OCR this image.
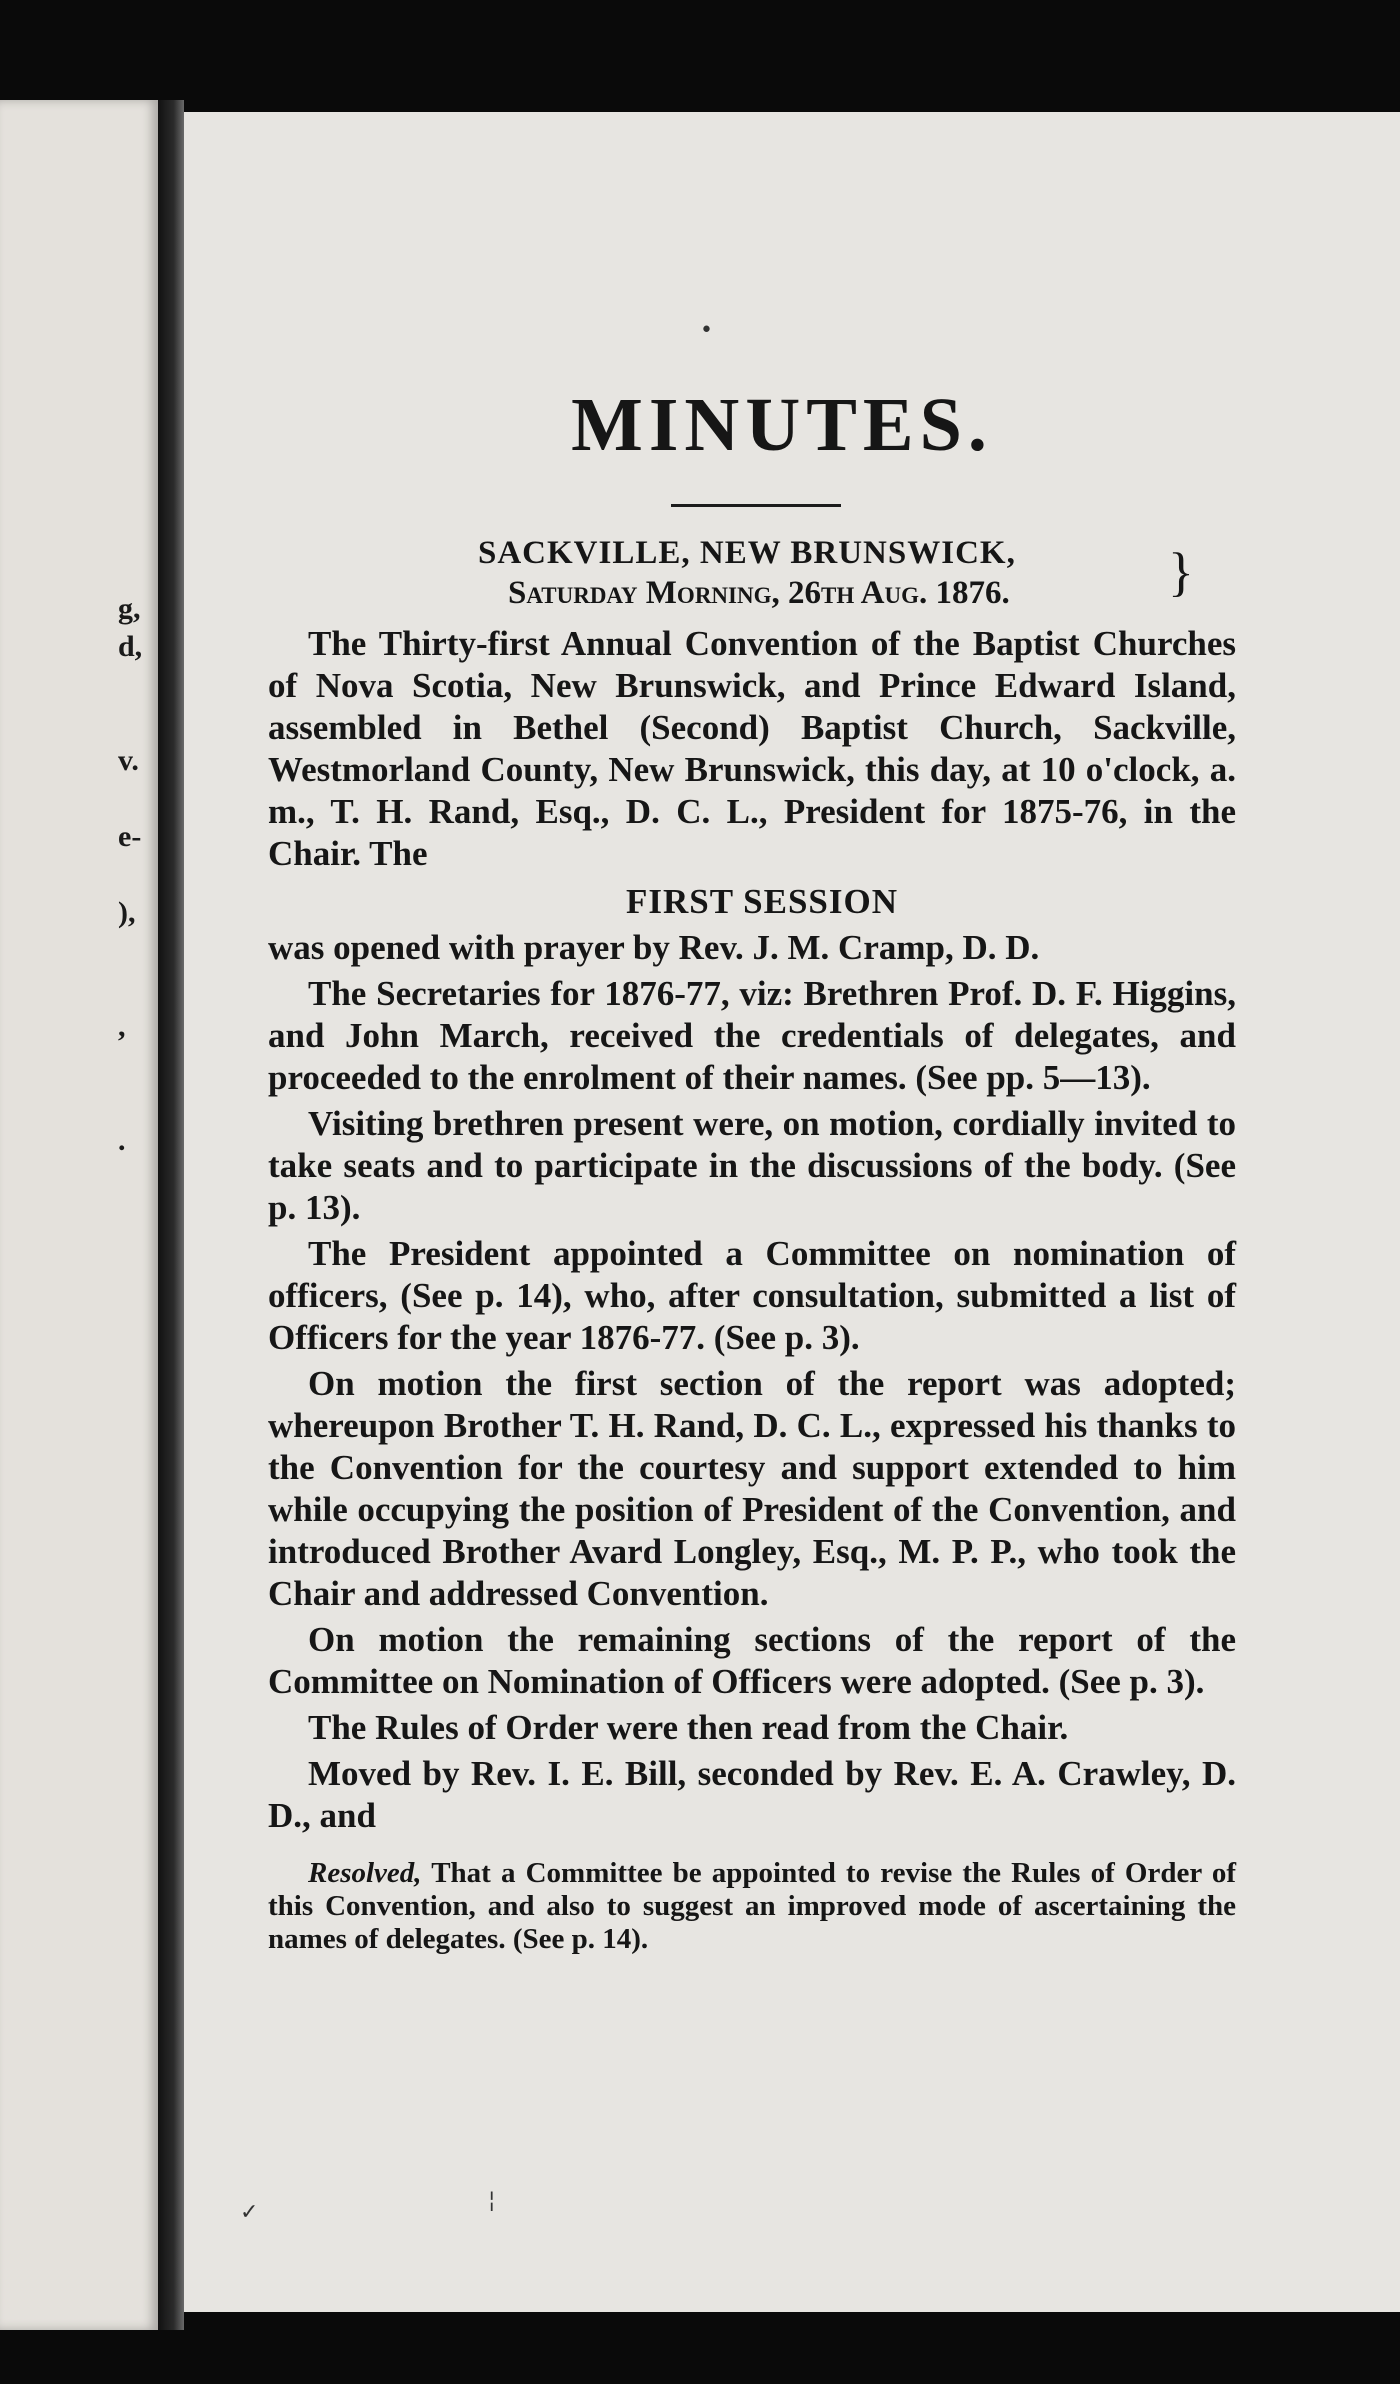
g,
d,
v.
e-
),
,
.
MINUTES.
SACKVILLE, NEW BRUNSWICK,
Saturday Morning, 26th Aug. 1876.	}

The Thirty-first Annual Convention of the Baptist Churches of Nova Scotia, New Brunswick, and Prince Edward Island, assembled in Bethel (Second) Baptist Church, Sackville, Westmorland County, New Brunswick, this day, at 10 o'clock, a. m., T. H. Rand, Esq., D. C. L., President for 1875-76, in the Chair. The

FIRST SESSION

was opened with prayer by Rev. J. M. Cramp, D. D.

The Secretaries for 1876-77, viz: Brethren Prof. D. F. Higgins, and John March, received the credentials of delegates, and proceeded to the enrolment of their names. (See pp. 5—13).

Visiting brethren present were, on motion, cordially invited to take seats and to participate in the discussions of the body. (See p. 13).

The President appointed a Committee on nomination of officers, (See p. 14), who, after consultation, submitted a list of Officers for the year 1876-77. (See p. 3).

On motion the first section of the report was adopted; whereupon Brother T. H. Rand, D. C. L., expressed his thanks to the Convention for the courtesy and support extended to him while occupying the position of President of the Convention, and introduced Brother Avard Longley, Esq., M. P. P., who took the Chair and addressed Convention.

On motion the remaining sections of the report of the Committee on Nomination of Officers were adopted. (See p. 3).

The Rules of Order were then read from the Chair.

Moved by Rev. I. E. Bill, seconded by Rev. E. A. Crawley, D. D., and

Resolved, That a Committee be appointed to revise the Rules of Order of this Convention, and also to suggest an improved mode of ascertaining the names of delegates. (See p. 14).

✓	¦
•
